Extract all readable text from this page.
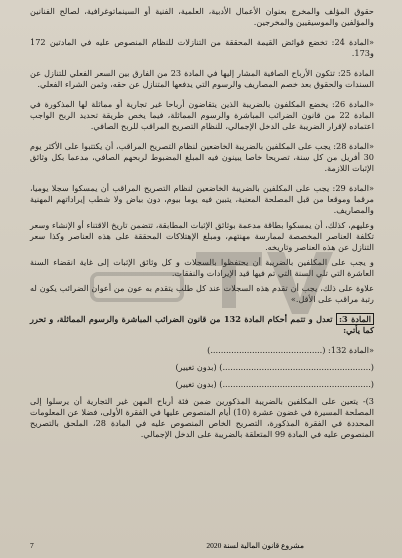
حقوق المؤلف والمخرج بعنوان الأعمال الأدبية، العلمية، الفنية أو السينماتوغرافية، لصالح الفنانين والمؤلفين والموسيقيين والمخرجين.

«المادة 24: تخضع قوائض القيمة المحققة من التنازلات للنظام المنصوص عليه في المادتين 172 و173.

المادة 25: تتكون الأرباح الصافية المشار إليها في المادة 23 من الفارق بين السعر الفعلي للتنازل عن السندات والحقوق بعد خصم المصاريف والرسوم التي يدفعها المتنازل عن حقه، وثمن الشراء الفعلي.

«المادة 26: يخضع المكلفون بالضريبة الذين يتقاضون أرباحا غير تجارية أو مماثلة لها المذكورة في المادة 22 من قانون الضرائب المباشرة والرسوم المماثلة، فيما يخص طريقة تحديد الربح الواجب اعتماده لإقرار الضريبة على الدخل الإجمالي، للنظام التصريح المراقب للربح الصافي.

«المادة 28: يجب على المكلفين بالضريبة الخاضعين لنظام التصريح المراقب، أن يكتتبوا على الأكثر يوم 30 أفريل من كل سنة، تصريحا خاصا يبينون فيه المبلغ المضبوط لربحهم الصافي، مدعما بكل وثائق الإثبات اللازمة.

«المادة 29: يجب على المكلفين بالضريبة الخاضعين لنظام التصريح المراقب أن يمسكوا سجلا يوميا، مرقما وموقعا من قبل المصلحة المعنية، يتبين فيه يوما بيوم، دون بياض ولا شطب إيراداتهم المهنية والمصاريف.

وعليهم، كذلك، أن يمسكوا بطاقة مدعمة بوثائق الإثبات المطابقة، تتضمن تاريخ الاقتناء أو الإنشاء وسعر تكلفة العناصر المخصصة لممارسة مهنتهم، ومبلغ الإهتلاكات المحققة على هذه العناصر وكذا سعر التنازل عن هذه العناصر وتاريخه.

و يجب على المكلفين بالضريبة أن يحتفظوا بالسجلات و كل وثائق الإثبات إلى غاية انقضاء السنة العاشرة التي تلي السنة التي تم فيها قيد الإيرادات والنفقات.

علاوة على ذلك، يجب أن تقدم هذه السجلات عند كل طلب يتقدم به عون من أعوان الضرائب يكون له رتبة مراقب على الأقل.»

المادة 3: تعدل و تتمم أحكام المادة 132 من قانون الضرائب المباشرة والرسوم المماثلة، و تحرر كما يأتي:

«المادة 132: (...........................................)

(.........................................................) (بدون تغيير)

(.........................................................) (بدون تغيير)

3)- يتعين على المكلفين بالضريبة المذكورين ضمن فئة أرباح المهن غير التجارية أن يرسلوا إلى المصلحة المسيرة في غضون عشرة (10) أيام المنصوص عليها في الفقرة الأولى، فضلا عن المعلومات المحددة في الفقرة المذكورة، التصريح الخاص المنصوص عليه في المادة 28، الملحق بالتصريح المنصوص عليه في المادة 99 المتعلقة بالضريبة على الدخل الإجمالي.

7	مشروع قانون المالية لسنة 2020
